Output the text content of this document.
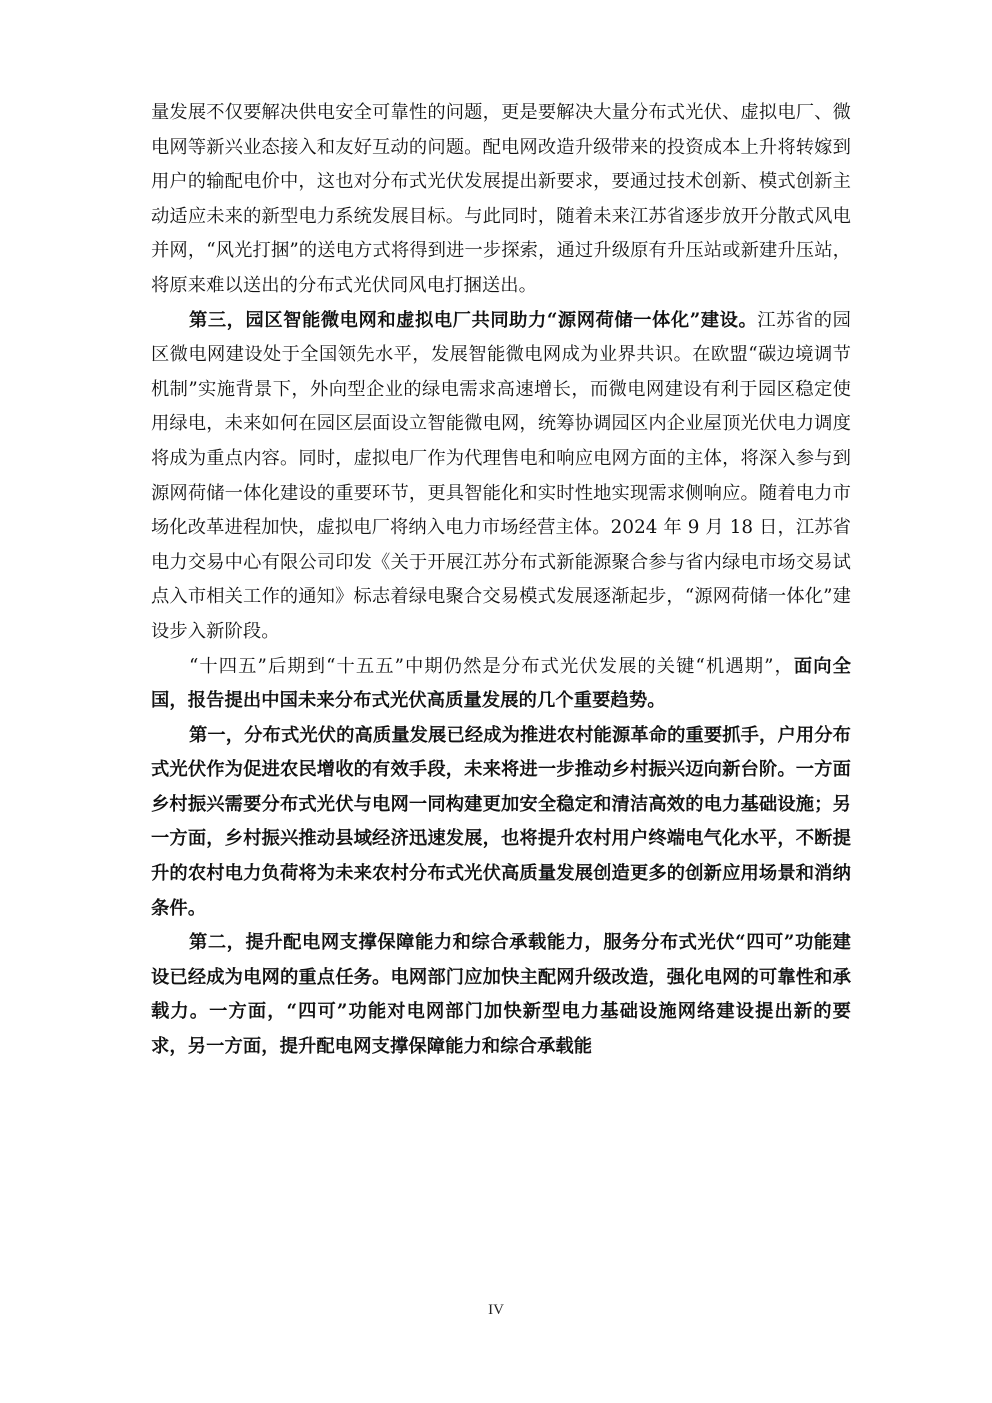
量发展不仅要解决供电安全可靠性的问题，更是要解决大量分布式光伏、虚拟电厂、微电网等新兴业态接入和友好互动的问题。配电网改造升级带来的投资成本上升将转嫁到用户的输配电价中，这也对分布式光伏发展提出新要求，要通过技术创新、模式创新主动适应未来的新型电力系统发展目标。与此同时，随着未来江苏省逐步放开分散式风电并网，“风光打捆”的送电方式将得到进一步探索，通过升级原有升压站或新建升压站，将原来难以送出的分布式光伏同风电打捆送出。

第三，园区智能微电网和虚拟电厂共同助力“源网荷储一体化”建设。江苏省的园区微电网建设处于全国领先水平，发展智能微电网成为业界共识。在欧盟“碳边境调节机制”实施背景下，外向型企业的绿电需求高速增长，而微电网建设有利于园区稳定使用绿电，未来如何在园区层面设立智能微电网，统筹协调园区内企业屋顶光伏电力调度将成为重点内容。同时，虚拟电厂作为代理售电和响应电网方面的主体，将深入参与到源网荷储一体化建设的重要环节，更具智能化和实时性地实现需求侧响应。随着电力市场化改革进程加快，虚拟电厂将纳入电力市场经营主体。2024 年 9 月 18 日，江苏省电力交易中心有限公司印发《关于开展江苏分布式新能源聚合参与省内绿电市场交易试点入市相关工作的通知》标志着绿电聚合交易模式发展逐渐起步，“源网荷储一体化”建设步入新阶段。

“十四五”后期到“十五五”中期仍然是分布式光伏发展的关键“机遇期”，面向全国，报告提出中国未来分布式光伏高质量发展的几个重要趋势。

第一，分布式光伏的高质量发展已经成为推进农村能源革命的重要抓手，户用分布式光伏作为促进农民增收的有效手段，未来将进一步推动乡村振兴迈向新台阶。一方面乡村振兴需要分布式光伏与电网一同构建更加安全稳定和清洁高效的电力基础设施；另一方面，乡村振兴推动县域经济迅速发展，也将提升农村用户终端电气化水平，不断提升的农村电力负荷将为未来农村分布式光伏高质量发展创造更多的创新应用场景和消纳条件。

第二，提升配电网支撑保障能力和综合承载能力，服务分布式光伏“四可”功能建设已经成为电网的重点任务。电网部门应加快主配网升级改造，强化电网的可靠性和承载力。一方面，“四可”功能对电网部门加快新型电力基础设施网络建设提出新的要求，另一方面，提升配电网支撑保障能力和综合承载能

IV
